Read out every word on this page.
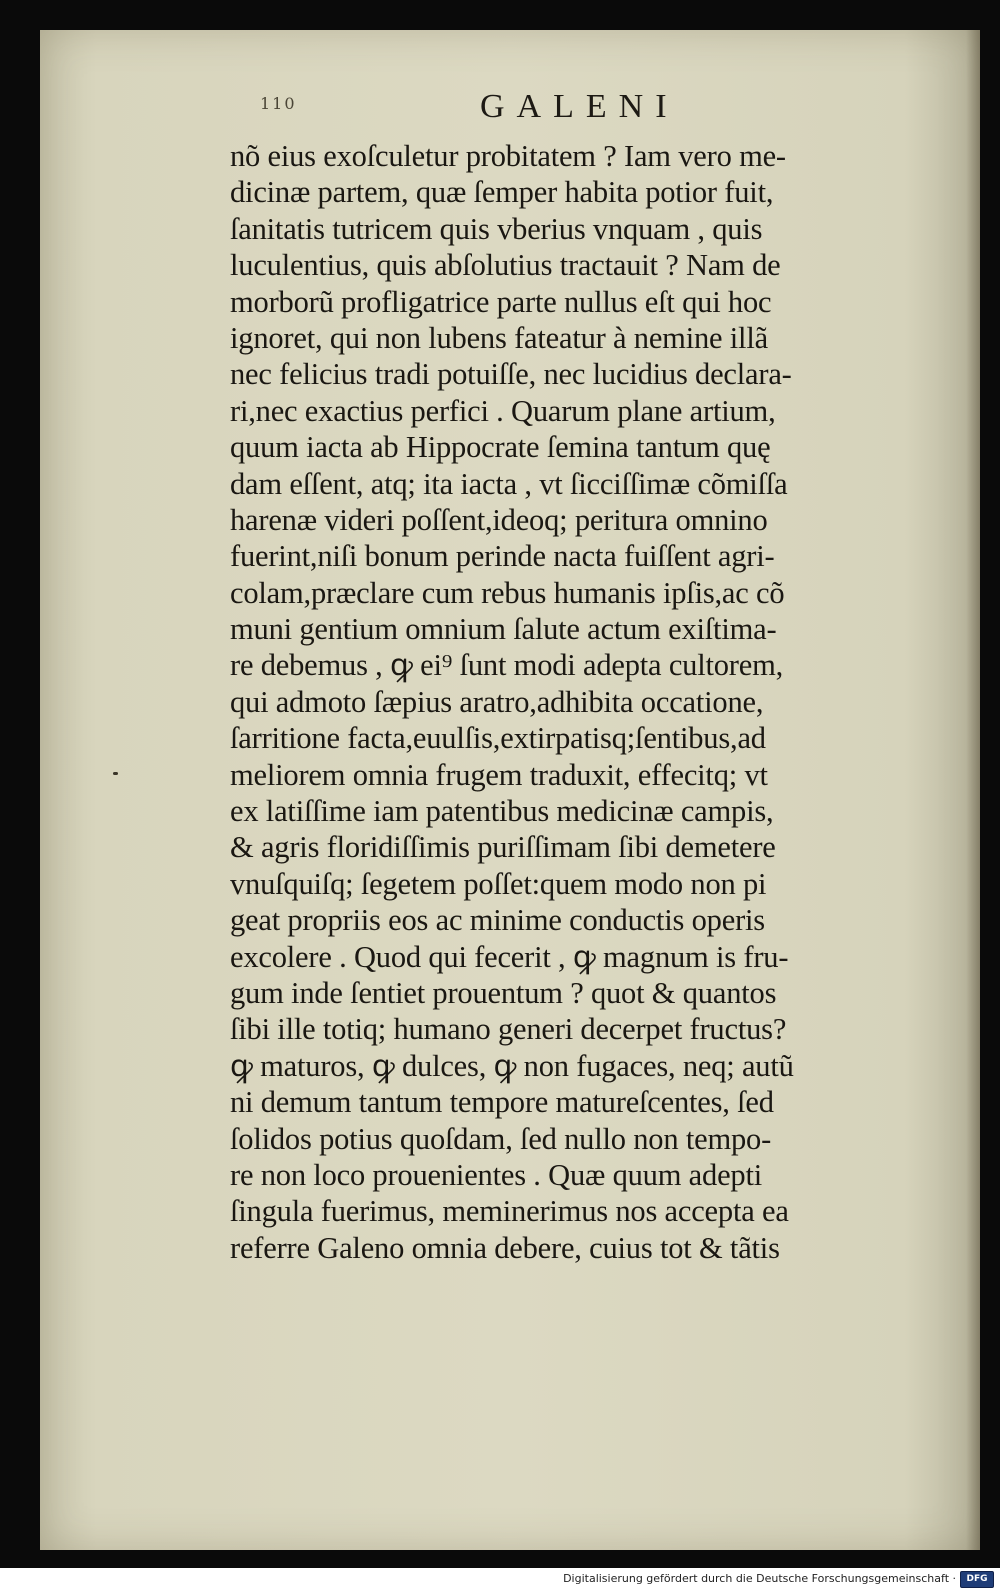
110	GALENI
nõ eius exoſculetur probitatem ? Iam vero me-
dicinæ partem, quæ ſemper habita potior fuit,
ſanitatis tutricem quis vberius vnquam , quis
luculentius, quis abſolutius tractauit ? Nam de
morborũ profligatrice parte nullus eſt qui hoc
ignoret, qui non lubens fateatur à nemine illã
nec felicius tradi potuiſſe, nec lucidius declara-
ri,nec exactius perfici . Quarum plane artium,
quum iacta ab Hippocrate ſemina tantum quę
dam eſſent, atq; ita iacta , vt ſicciſſimæ cõmiſſa
harenæ videri poſſent,ideoq; peritura omnino
fuerint,niſi bonum perinde nacta fuiſſent agri-
colam,præclare cum rebus humanis ipſis,ac cõ
muni gentium omnium ſalute actum exiſtima-
re debemus , ꝙ ei⁹ ſunt modi adepta cultorem,
qui admoto ſæpius aratro,adhibita occatione,
ſarritione facta,euulſis,extirpatisq;ſentibus,ad
meliorem omnia frugem traduxit, effecitq; vt
ex latiſſime iam patentibus medicinæ campis,
& agris floridiſſimis puriſſimam ſibi demetere
vnuſquiſq; ſegetem poſſet:quem modo non pi
geat propriis eos ac minime conductis operis
excolere . Quod qui fecerit , ꝙ magnum is fru-
gum inde ſentiet prouentum ? quot & quantos
ſibi ille totiq; humano generi decerpet fructus?
ꝙ maturos, ꝙ dulces, ꝙ non fugaces, neq; autũ
ni demum tantum tempore matureſcentes, ſed
ſolidos potius quoſdam, ſed nullo non tempo-
re non loco prouenientes . Quæ quum adepti
ſingula fuerimus, meminerimus nos accepta ea
referre Galeno omnia debere, cuius tot & tãtis
Digitalisierung gefördert durch die Deutsche Forschungsgemeinschaft ·	DFG
